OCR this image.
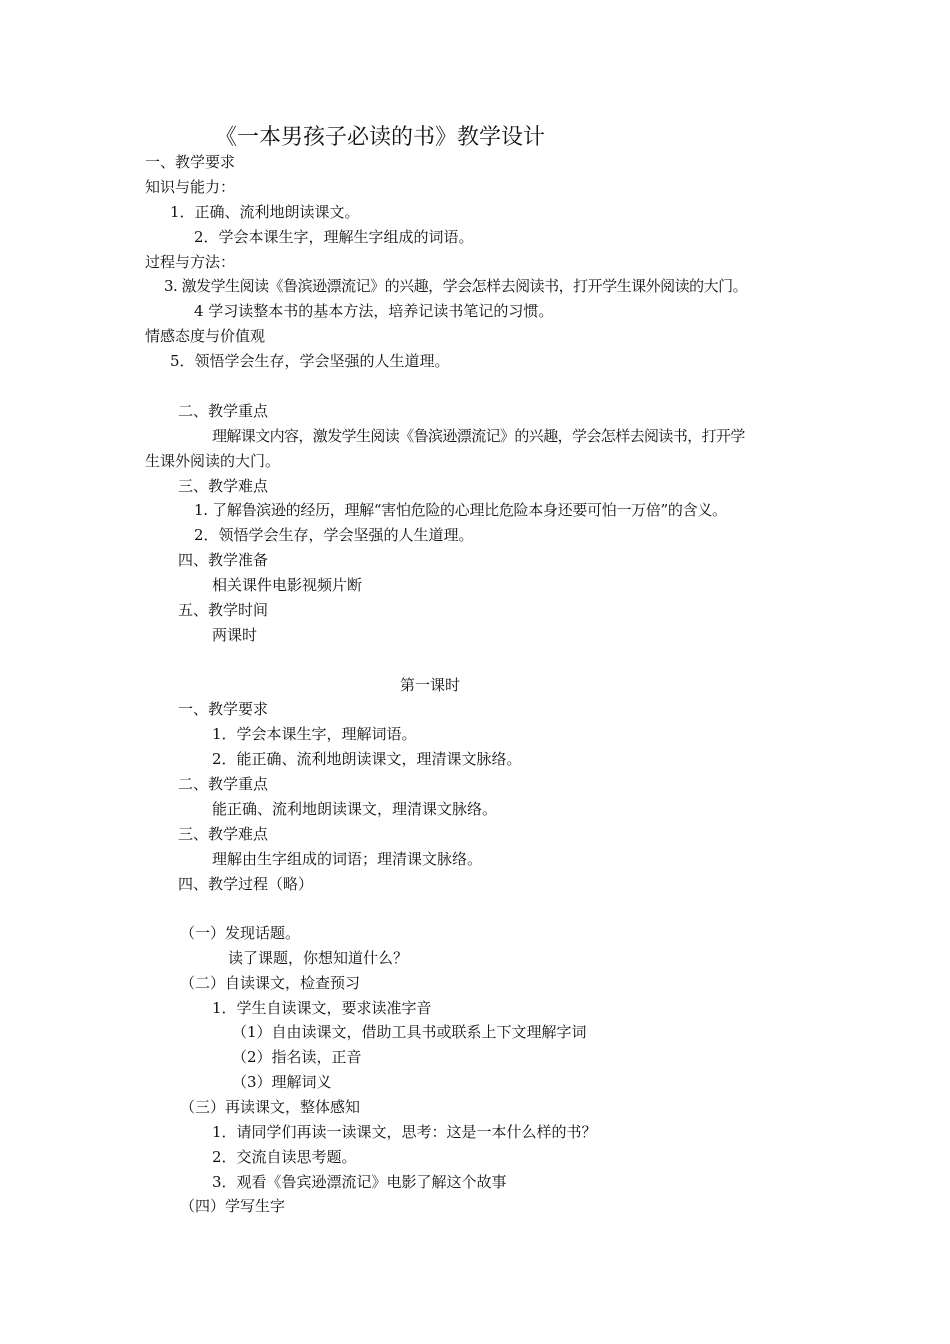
《一本男孩子必读的书》教学设计
一、教学要求
知识与能力：
1．正确、流利地朗读课文。
2．学会本课生字，理解生字组成的词语。
过程与方法：
3. 激发学生阅读《鲁滨逊漂流记》的兴趣，学会怎样去阅读书，打开学生课外阅读的大门。
4 学习读整本书的基本方法，培养记读书笔记的习惯。
情感态度与价值观
5．领悟学会生存，学会坚强的人生道理。
二、教学重点
理解课文内容，激发学生阅读《鲁滨逊漂流记》的兴趣，学会怎样去阅读书，打开学
生课外阅读的大门。
三、教学难点
1. 了解鲁滨逊的经历，理解“害怕危险的心理比危险本身还要可怕一万倍”的含义。
2．领悟学会生存，学会坚强的人生道理。
四、教学准备
相关课件电影视频片断
五、教学时间
两课时
第一课时
一、教学要求
1．学会本课生字，理解词语。
2．能正确、流利地朗读课文，理清课文脉络。
二、教学重点
能正确、流利地朗读课文，理清课文脉络。
三、教学难点
理解由生字组成的词语；理清课文脉络。
四、教学过程（略）
（一）发现话题。
读了课题，你想知道什么？
（二）自读课文，检查预习
1．学生自读课文，要求读准字音
（1）自由读课文，借助工具书或联系上下文理解字词
（2）指名读，正音
（3）理解词义
（三）再读课文，整体感知
1．请同学们再读一读课文，思考：这是一本什么样的书？
2．交流自读思考题。
3．观看《鲁宾逊漂流记》电影了解这个故事
（四）学写生字
